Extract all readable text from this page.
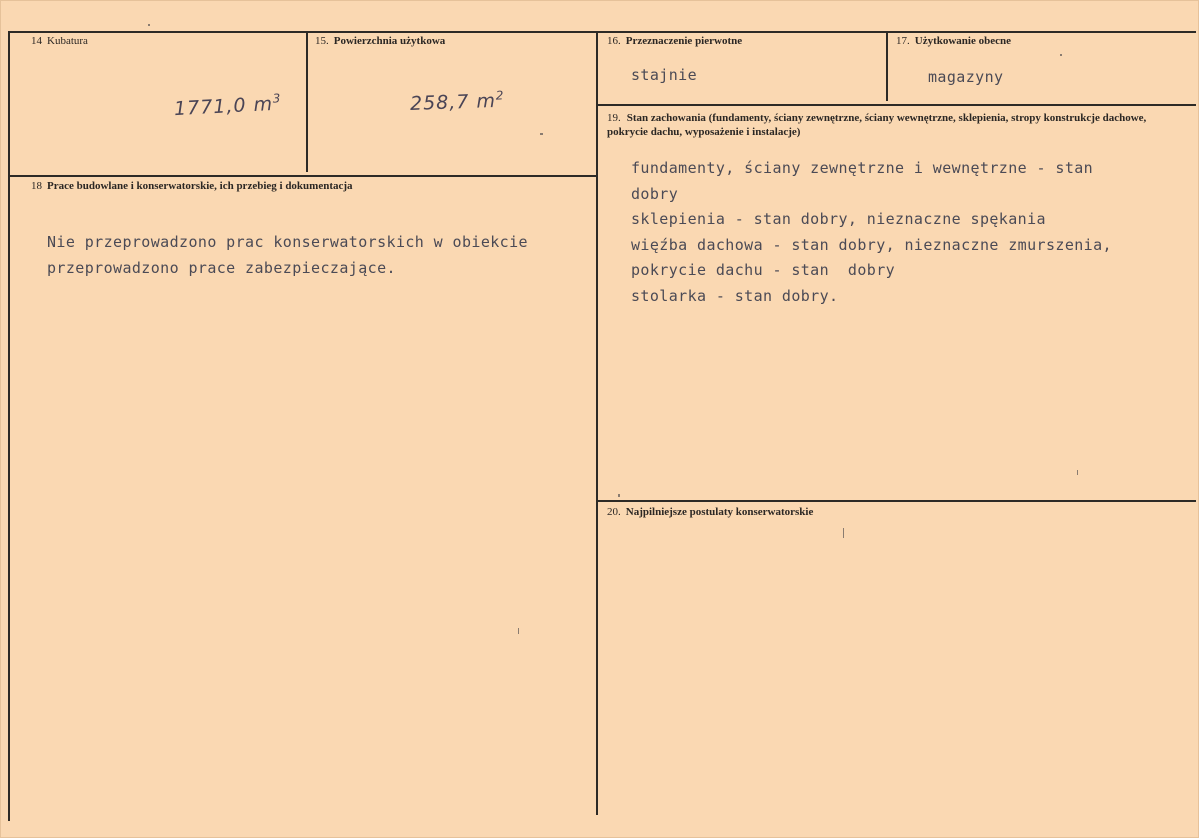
14 Kubatura
1771,0 $m^3$
15. Powierzchnia użytkowa
258,7 $m^2$
16. Przeznaczenie pierwotne
stajnie
17. Użytkowanie obecne
magazyny
18 Prace budowlane i konserwatorskie, ich przebieg i dokumentacja
Nie przeprowadzono prac konserwatorskich w obiekcie
przeprowadzono prace zabezpieczające.
19. Stan zachowania (fundamenty, ściany zewnętrzne, ściany wewnętrzne, sklepienia, stropy konstrukcje dachowe, pokrycie dachu, wyposażenie i instalacje)
fundamenty, ściany zewnętrzne i wewnętrzne - stan
dobry
sklepienia - stan dobry, nieznaczne spękania
więźba dachowa - stan dobry, nieznaczne zmurszenia,
pokrycie dachu - stan  dobry
stolarka - stan dobry.
20. Najpilniejsze postulaty konserwatorskie
